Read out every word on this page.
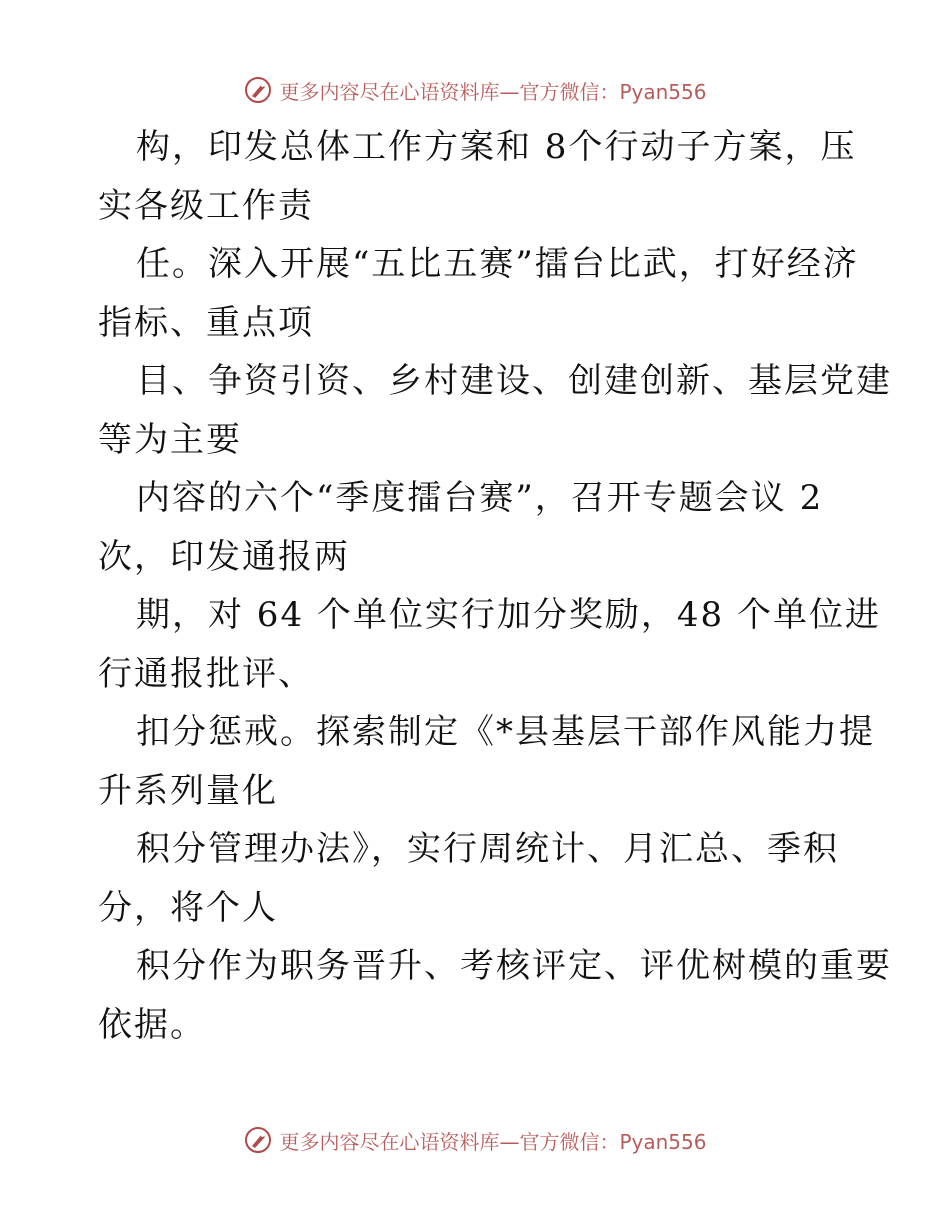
更多内容尽在心语资料库—官方微信：Pyan556
构，印发总体工作方案和 8个行动子方案，压
实各级工作责
任。深入开展“五比五赛”擂台比武，打好经济
指标、重点项
目、争资引资、乡村建设、创建创新、基层党建
等为主要
内容的六个“季度擂台赛”，召开专题会议 2
次，印发通报两
期，对 64 个单位实行加分奖励，48 个单位进
行通报批评、
扣分惩戒。探索制定《*县基层干部作风能力提
升系列量化
积分管理办法》，实行周统计、月汇总、季积
分，将个人
积分作为职务晋升、考核评定、评优树模的重要
依据。
更多内容尽在心语资料库—官方微信：Pyan556
